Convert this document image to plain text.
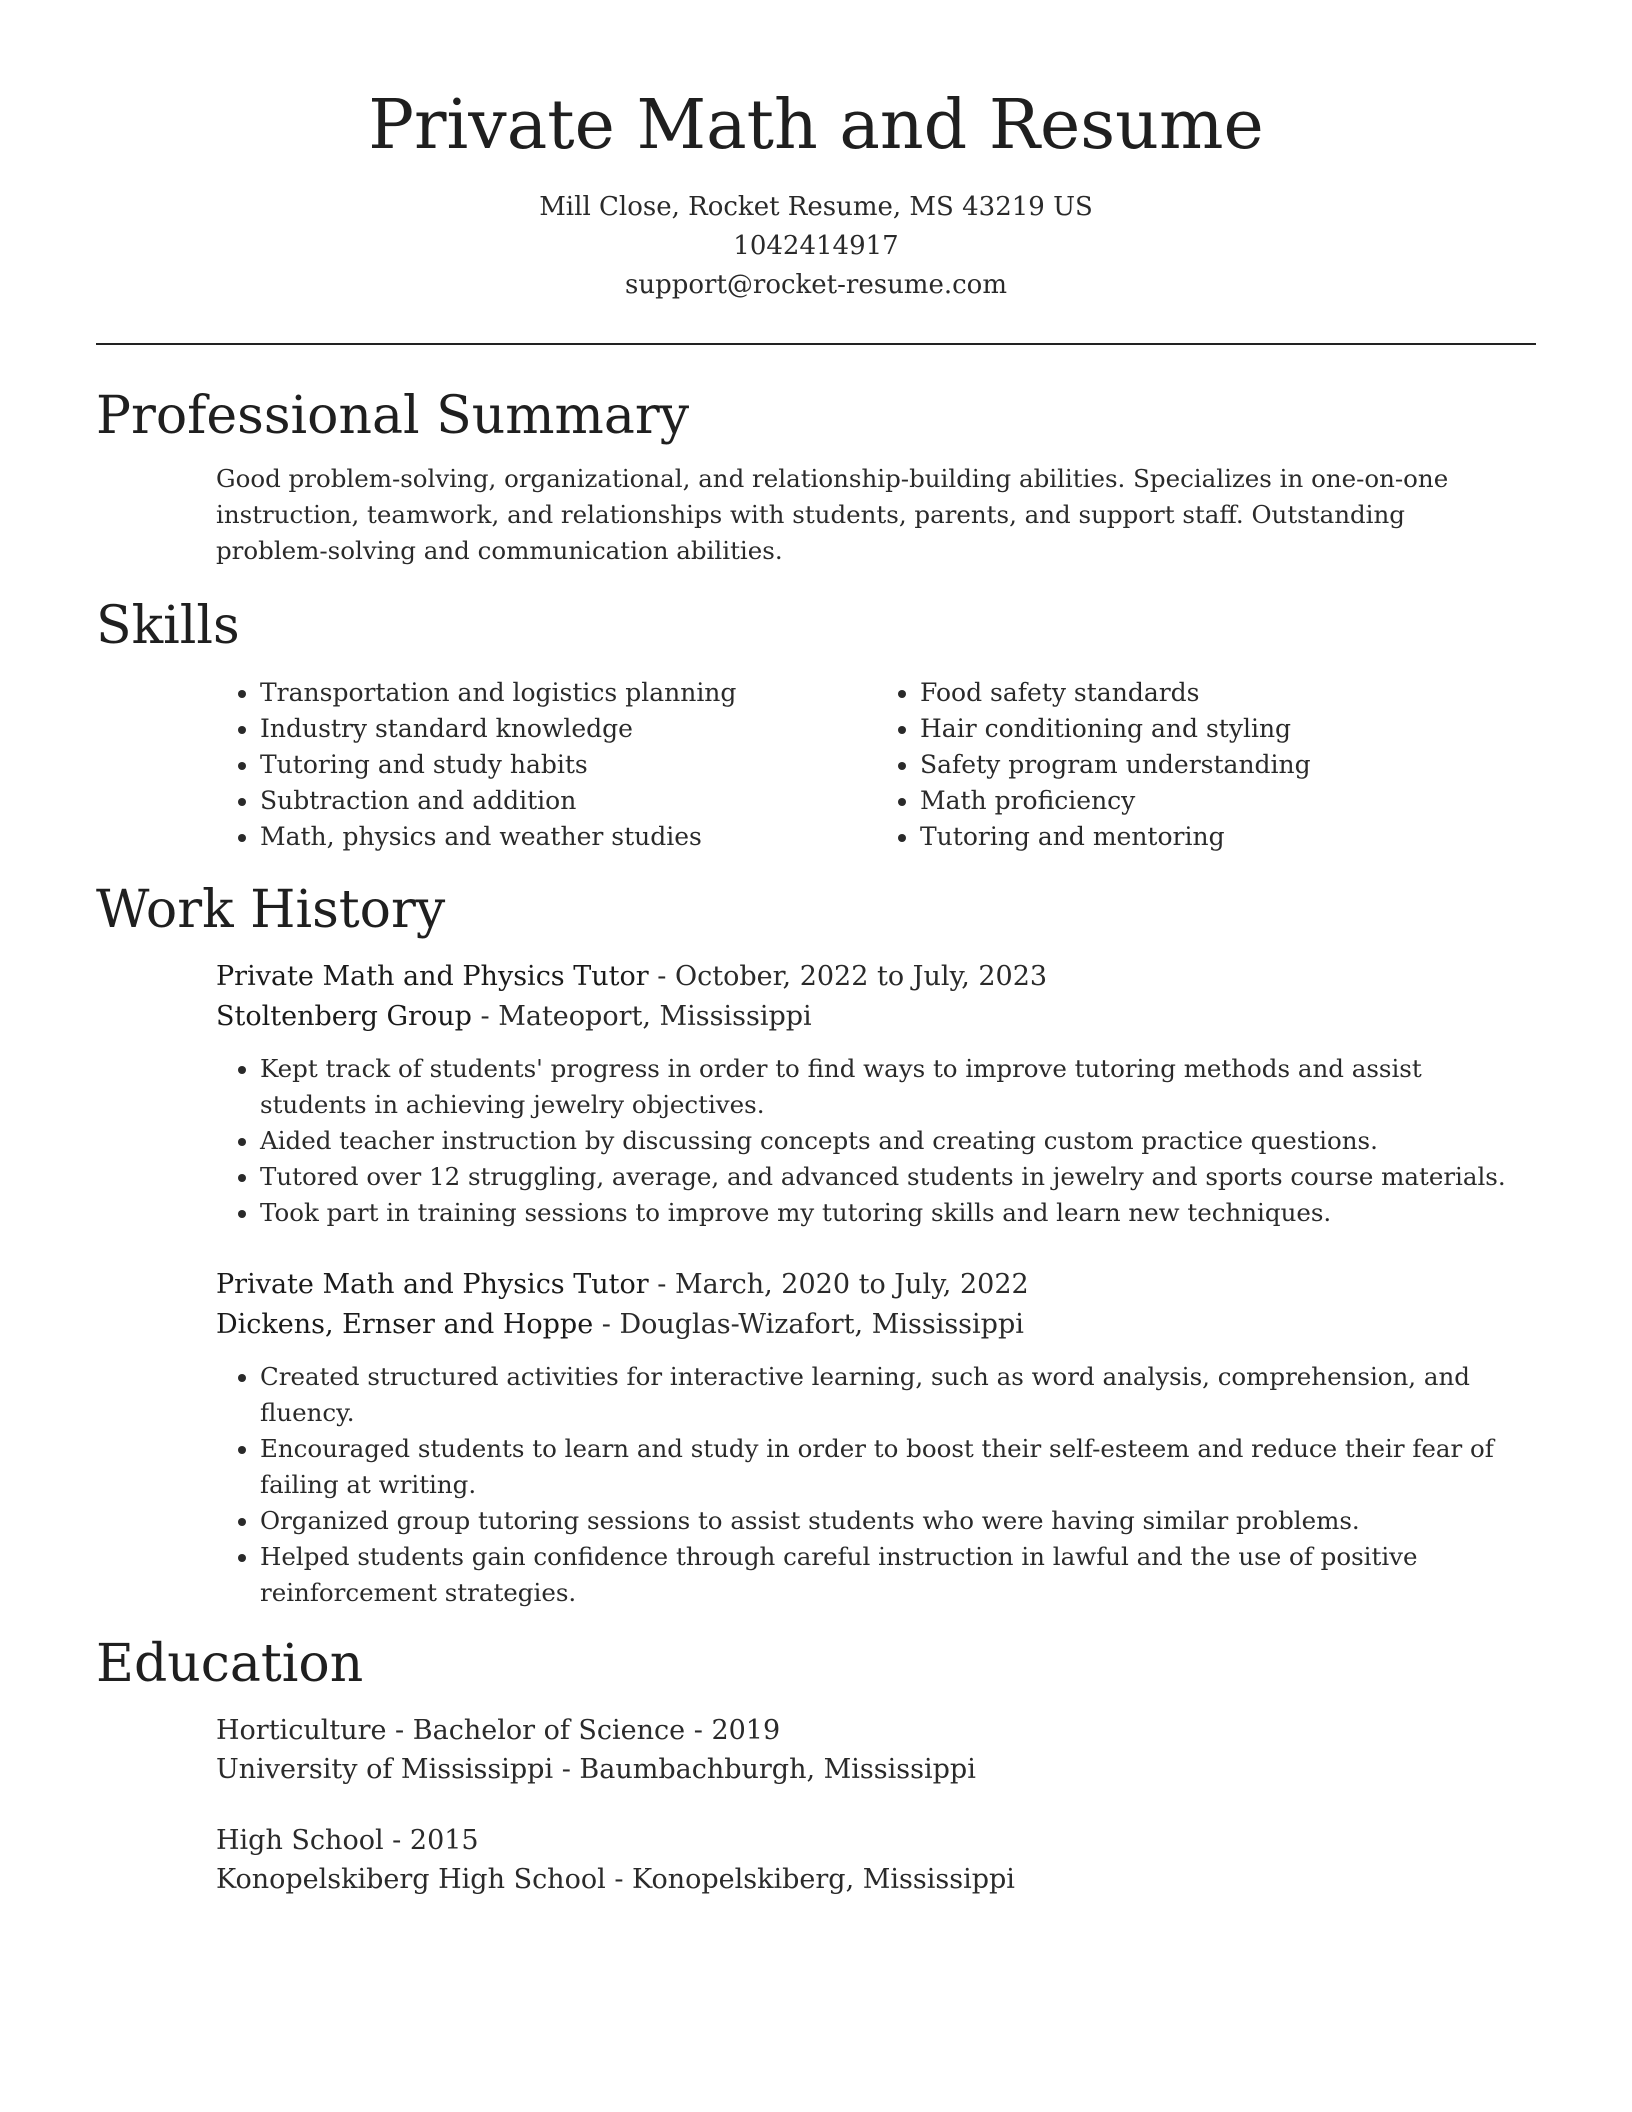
Private Math and Resume
Mill Close, Rocket Resume, MS 43219 US
1042414917
support@rocket-resume.com
Professional Summary
Good problem-solving, organizational, and relationship-building abilities. Specializes in one-on-one instruction, teamwork, and relationships with students, parents, and support staff. Outstanding problem-solving and communication abilities.
Skills
• Transportation and logistics planning
• Industry standard knowledge
• Tutoring and study habits
• Subtraction and addition
• Math, physics and weather studies
• Food safety standards
• Hair conditioning and styling
• Safety program understanding
• Math proficiency
• Tutoring and mentoring
Work History
Private Math and Physics Tutor - October, 2022 to July, 2023
Stoltenberg Group - Mateoport, Mississippi
• Kept track of students' progress in order to find ways to improve tutoring methods and assist students in achieving jewelry objectives.
• Aided teacher instruction by discussing concepts and creating custom practice questions.
• Tutored over 12 struggling, average, and advanced students in jewelry and sports course materials.
• Took part in training sessions to improve my tutoring skills and learn new techniques.
Private Math and Physics Tutor - March, 2020 to July, 2022
Dickens, Ernser and Hoppe - Douglas-Wizafort, Mississippi
• Created structured activities for interactive learning, such as word analysis, comprehension, and fluency.
• Encouraged students to learn and study in order to boost their self-esteem and reduce their fear of failing at writing.
• Organized group tutoring sessions to assist students who were having similar problems.
• Helped students gain confidence through careful instruction in lawful and the use of positive reinforcement strategies.
Education
Horticulture - Bachelor of Science - 2019
University of Mississippi - Baumbachburgh, Mississippi
High School - 2015
Konopelskiberg High School - Konopelskiberg, Mississippi
